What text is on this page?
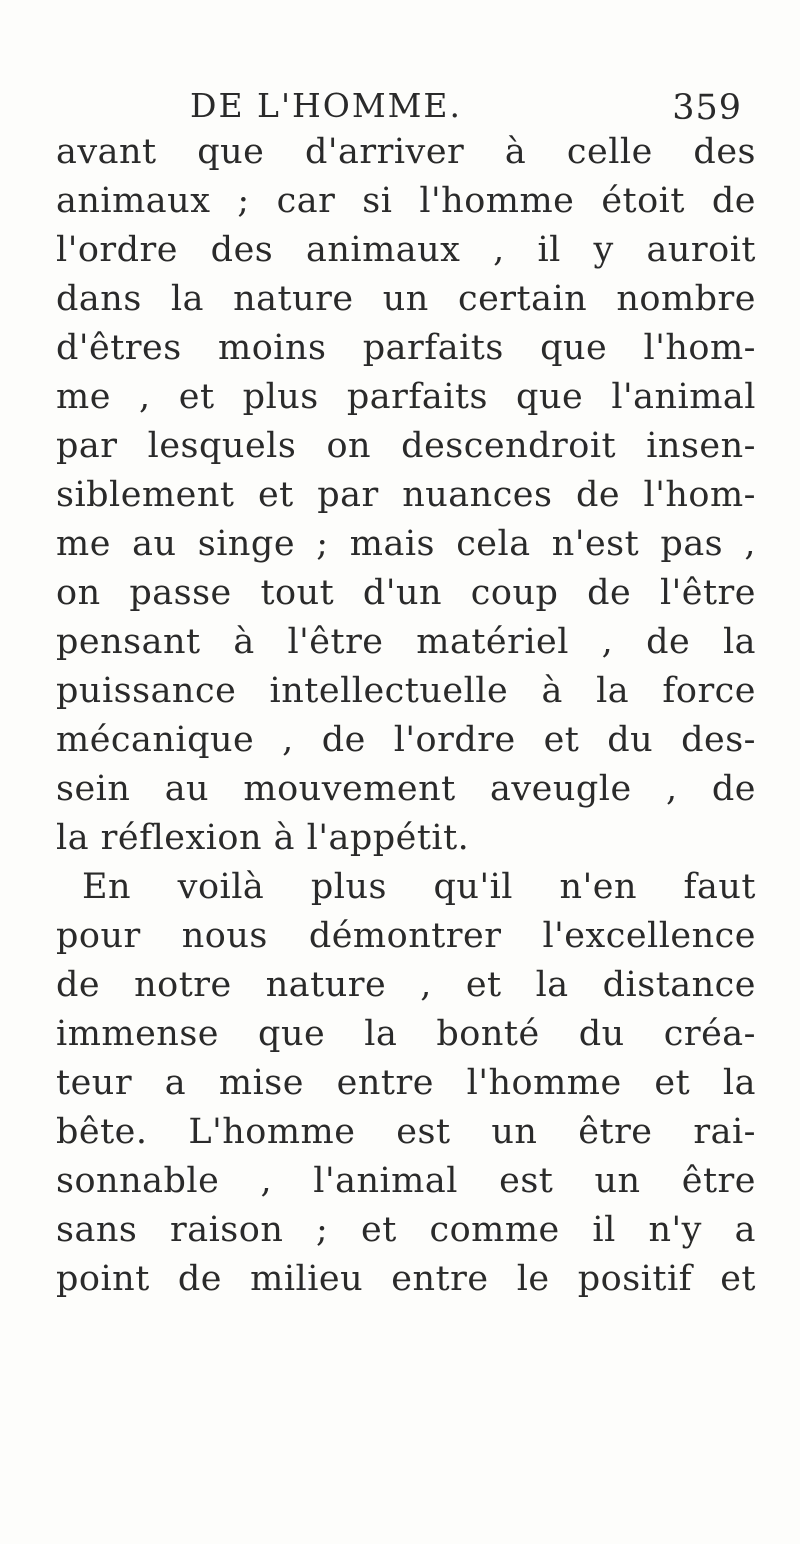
DE L'HOMME.	359
avant que d'arriver à celle des
animaux ; car si l'homme étoit de
l'ordre des animaux , il y auroit
dans la nature un certain nombre
d'êtres moins parfaits que l'hom-
me , et plus parfaits que l'animal
par lesquels on descendroit insen-
siblement et par nuances de l'hom-
me au singe ; mais cela n'est pas ,
on passe tout d'un coup de l'être
pensant à l'être matériel , de la
puissance intellectuelle à la force
mécanique , de l'ordre et du des-
sein au mouvement aveugle , de
la réflexion à l'appétit.
En voilà plus qu'il n'en faut
pour nous démontrer l'excellence
de notre nature , et la distance
immense que la bonté du créa-
teur a mise entre l'homme et la
bête. L'homme est un être rai-
sonnable , l'animal est un être
sans raison ; et comme il n'y a
point de milieu entre le positif et
